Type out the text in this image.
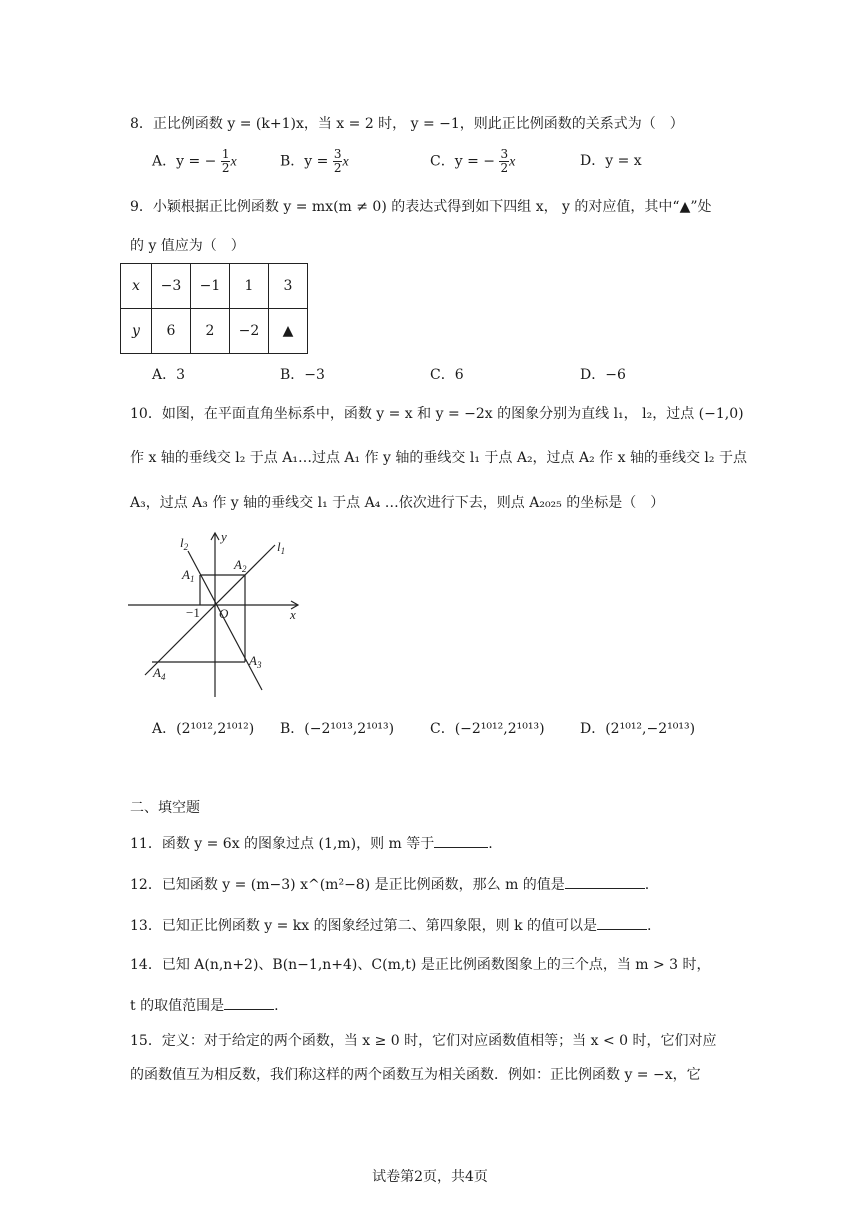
8．正比例函数 y = (k+1)x，当 x = 2 时， y = −1，则此正比例函数的关系式为（　）
A．y = − $\frac{1}{2}$ x	B．$y = \frac{3}{2}$ x	C．y = − $\frac{3}{2}$ x	D．y = x
9．小颖根据正比例函数 y = mx(m ≠ 0) 的表达式得到如下四组 x， y 的对应值，其中“▲”处
的 y 值应为（　）
x	−3	−1	1	3
y	6	2	−2	▲
A．3	B．−3	C．6	D．−6
10．如图，在平面直角坐标系中，函数 y = x 和 y = −2x 的图象分别为直线 l₁， l₂，过点 (−1,0)
作 x 轴的垂线交 l₂ 于点 A₁…过点 A₁ 作 y 轴的垂线交 l₁ 于点 A₂，过点 A₂ 作 x 轴的垂线交 l₂ 于点
A₃，过点 A₃ 作 y 轴的垂线交 l₁ 于点 A₄ …依次进行下去，则点 A₂₀₂₅ 的坐标是（　）
$l_2$
y
$l_1$
$A_1$
$A_2$
−1 O	x
$A_3$
$A_4$
A．(2¹⁰¹²,2¹⁰¹²) B．(−2¹⁰¹³,2¹⁰¹³)	C．(−2¹⁰¹²,2¹⁰¹³)	D．(2¹⁰¹²,−2¹⁰¹³)
二、填空题
11．函数 y = 6x 的图象过点 (1,m)，则 m 等于	.
12．已知函数 y = (m−3) x^(m²−8) 是正比例函数，那么 m 的值是	.
13．已知正比例函数 y = kx 的图象经过第二、第四象限，则 k 的值可以是	.
14．已知 A(n,n+2)、B(n−1,n+4)、C(m,t) 是正比例函数图象上的三个点，当 m > 3 时，
t 的取值范围是	.
15．定义：对于给定的两个函数，当 x ≥ 0 时，它们对应函数值相等；当 x < 0 时，它们对应
的函数值互为相反数，我们称这样的两个函数互为相关函数．例如：正比例函数 y = −x，它
试卷第2页，共4页
